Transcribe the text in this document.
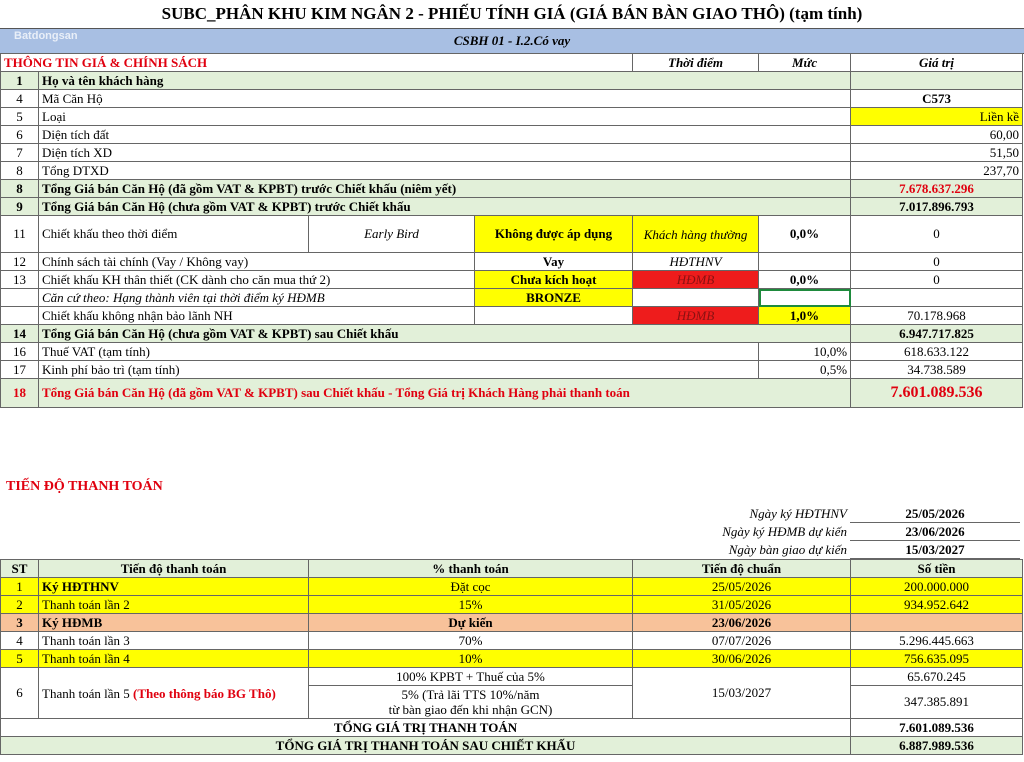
SUBC_PHÂN KHU KIM NGÂN 2 - PHIẾU TÍNH GIÁ (GIÁ BÁN BÀN GIAO THÔ) (tạm tính)
CSBH 01 - I.2.Có vay
Batdongsan
THÔNG TIN GIÁ & CHÍNH SÁCH				Thời điểm	Mức	Giá trị
1	Họ và tên khách hàng					
4	Mã Căn Hộ					C573
5	Loại					Liền kề
6	Diện tích đất					60,00
7	Diện tích XD					51,50
8	Tổng DTXD					237,70
8	Tổng Giá bán Căn Hộ (đã gồm VAT & KPBT) trước Chiết khấu (niêm yết)					7.678.637.296
9	Tổng Giá bán Căn Hộ (chưa gồm VAT & KPBT) trước Chiết khấu					7.017.896.793
11	Chiết khấu theo thời điểm	Early Bird	Không được áp dụng	Khách hàng thường	0,0%	0
12	Chính sách tài chính (Vay / Không vay)		Vay	HĐTHNV		0
13	Chiết khấu KH thân thiết (CK dành cho căn mua thứ 2)		Chưa kích hoạt	HĐMB	0,0%	0
	Căn cứ theo: Hạng thành viên tại thời điểm ký HĐMB		BRONZE			
	Chiết khấu không nhận bảo lãnh NH			HĐMB	1,0%	70.178.968
14	Tổng Giá bán Căn Hộ (chưa gồm VAT & KPBT) sau Chiết khấu					6.947.717.825
16	Thuế VAT (tạm tính)				10,0%	618.633.122
17	Kinh phí bảo trì (tạm tính)				0,5%	34.738.589
18	Tổng Giá bán Căn Hộ (đã gồm VAT & KPBT) sau Chiết khấu - Tổng Giá trị Khách Hàng phải thanh toán					7.601.089.536
TIẾN ĐỘ THANH TOÁN
Ngày ký HĐTHNV	25/05/2026
Ngày ký HĐMB dự kiến	23/06/2026
Ngày bàn giao dự kiến	15/03/2027
ST	Tiến độ thanh toán	% thanh toán	Tiến độ chuẩn	Số tiền
1	Ký HĐTHNV	Đặt cọc	25/05/2026	200.000.000
2	Thanh toán lần 2	15%	31/05/2026	934.952.642
3	Ký HĐMB	Dự kiến	23/06/2026	
4	Thanh toán lần 3	70%	07/07/2026	5.296.445.663
5	Thanh toán lần 4	10%	30/06/2026	756.635.095
6	Thanh toán lần 5 (Theo thông báo BG Thô)	100% KPBT + Thuế của 5%	15/03/2027	65.670.245

		5% (Trả lãi TTS 10%/năm
từ bàn giao đến khi nhận GCN)		347.385.891
TỔNG GIÁ TRỊ THANH TOÁN				7.601.089.536
TỔNG GIÁ TRỊ THANH TOÁN SAU CHIẾT KHẤU				6.887.989.536
